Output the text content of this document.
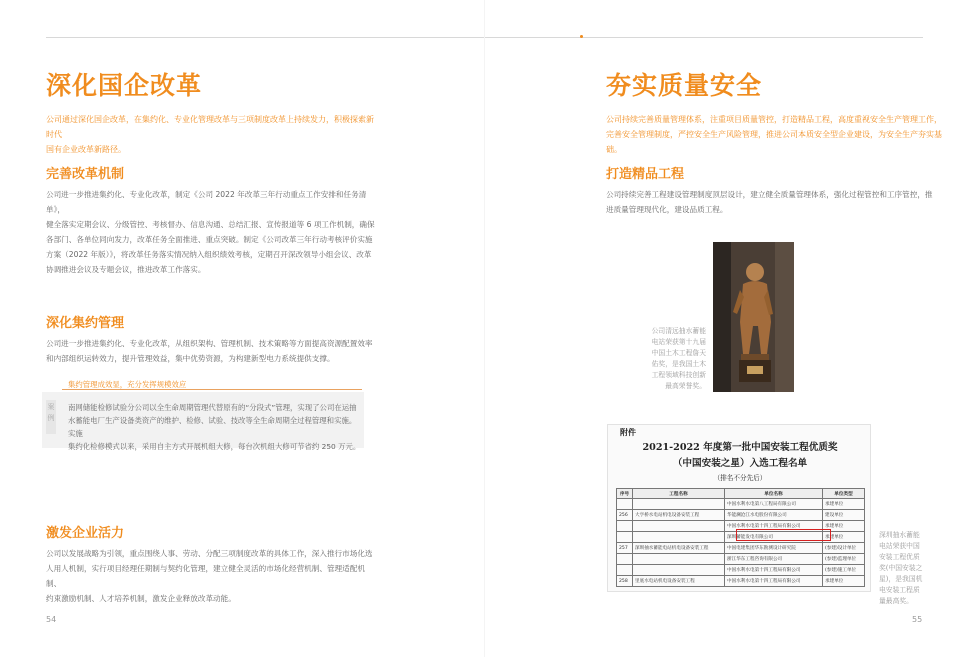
深化国企改革
公司通过深化国企改革，在集约化、专业化管理改革与三项制度改革上持续发力，积极探索新时代
国有企业改革新路径。
完善改革机制
公司进一步推进集约化、专业化改革，制定《公司 2022 年改革三年行动重点工作安排和任务清单》，
健全落实定期会议、分级管控、考核督办、信息沟通、总结汇报、宣传报道等 6 项工作机制，确保
各部门、各单位同向发力，改革任务全面推进、重点突破。制定《公司改革三年行动考核评价实施
方案（2022 年版）》，将改革任务落实情况纳入组织绩效考核，定期召开深改领导小组会议、改革
协调推进会议及专题会议，推进改革工作落实。
深化集约管理
公司进一步推进集约化、专业化改革，从组织架构、管理机制、技术策略等方面提高资源配置效率
和内部组织运转效力，提升管理效益，集中优势资源，为构建新型电力系统提供支撑。
集约管理成效显，充分发挥规模效应
案例
南网储能检修试验分公司以全生命周期管理代替原有的“分段式”管理，实现了公司在运抽
水蓄能电厂生产设备类资产的维护、检修、试验、技改等全生命周期全过程管理和实施。实施
集约化检修模式以来，采用自主方式开展机组大修，每台次机组大修可节省约 250 万元。
激发企业活力
公司以发展战略为引领，重点围绕人事、劳动、分配三项制度改革的具体工作，深入推行市场化选
人用人机制，实行项目经理任期制与契约化管理，建立健全灵活的市场化经营机制、管理适配机制、
约束激励机制、人才培养机制，激发企业释放改革动能。
54
夯实质量安全
公司持续完善质量管理体系，注重项目质量管控，打造精品工程，高度重视安全生产管理工作，
完善安全管理制度，严控安全生产风险管理，推进公司本质安全型企业建设，为安全生产夯实基础。
打造精品工程
公司持续完善工程建设管理制度顶层设计，建立健全质量管理体系，强化过程管控和工序管控，推
进质量管理现代化，建设品质工程。
公司清远抽水蓄能
电站荣获第十九届
中国土木工程詹天
佑奖，是我国土木
工程领域科技创新
最高荣誉奖。
附件
2021-2022 年度第一批中国安装工程优质奖
（中国安装之星）入选工程名单
（排名不分先后）
序号	工程名称	单位名称	单位类型
		中国水利水电第八工程局有限公司	承建单位
256	大亨桥水电站机电设备安装工程	华能澜沧江水电股份有限公司	建设单位
		中国水利水电第十四工程局有限公司	承建单位
		深圳蓄能发电有限公司	承建单位
257	深圳抽水蓄能电站机电设备安装工程	中国电建集团华东勘测设计研究院	(参建)设计单位
		浙江华东工程咨询有限公司	(参建)监理单位
		中国水利水电第十四工程局有限公司	(参建)施工单位
258	里底水电站机电设备安装工程	中国水利水电第十四工程局有限公司	承建单位
深圳抽水蓄能
电站荣获中国
安装工程优质
奖(中国安装之
星)，是我国机
电安装工程质
量最高奖。
55
